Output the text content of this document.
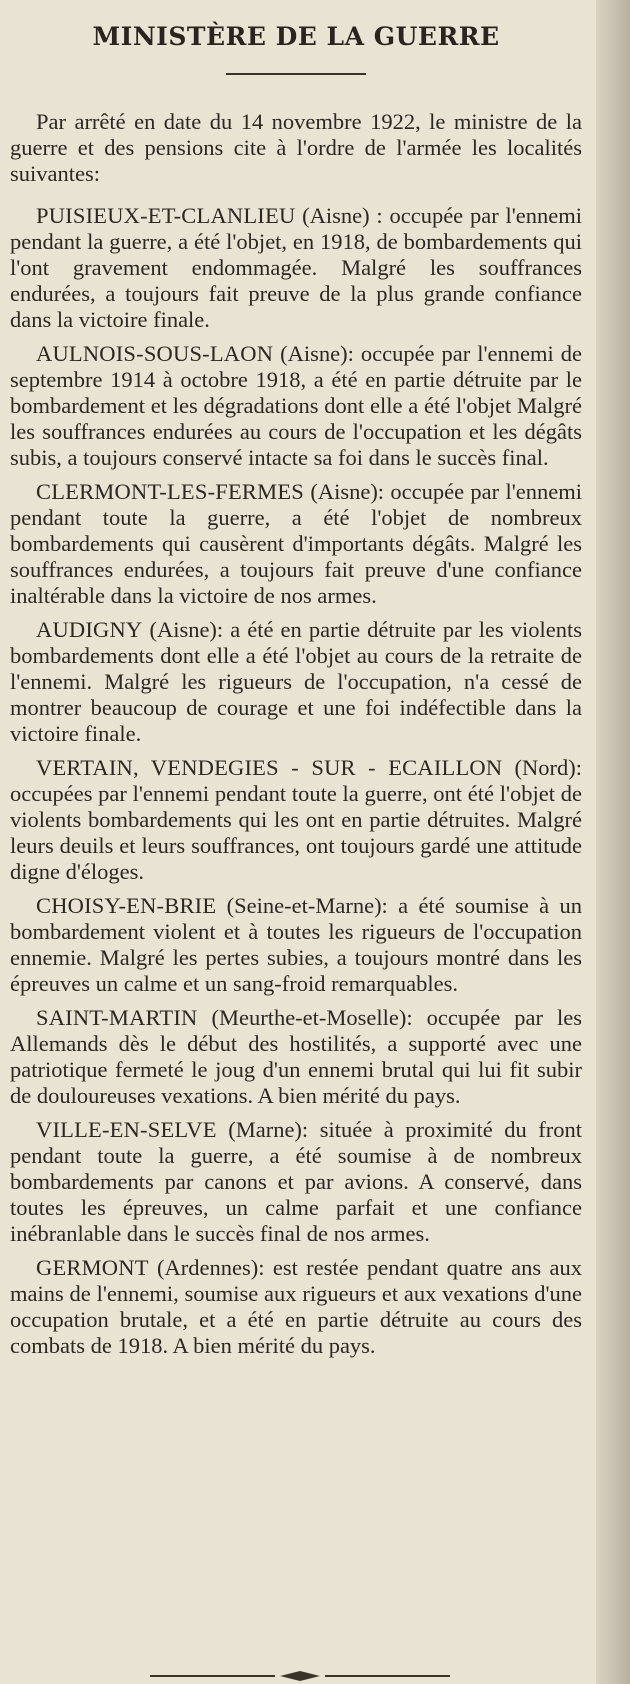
MINISTÈRE DE LA GUERRE

Par arrêté en date du 14 novembre 1922, le ministre de la guerre et des pensions cite à l'ordre de l'armée les localités suivantes:

PUISIEUX-ET-CLANLIEU (Aisne) : occupée par l'ennemi pendant la guerre, a été l'objet, en 1918, de bombardements qui l'ont gravement endommagée. Malgré les souffrances endurées, a toujours fait preuve de la plus grande confiance dans la victoire finale.

AULNOIS-SOUS-LAON (Aisne): occupée par l'ennemi de septembre 1914 à octobre 1918, a été en partie détruite par le bombardement et les dégradations dont elle a été l'objet Malgré les souffrances endurées au cours de l'occupation et les dégâts subis, a toujours conservé intacte sa foi dans le succès final.

CLERMONT-LES-FERMES (Aisne): occupée par l'ennemi pendant toute la guerre, a été l'objet de nombreux bombardements qui causèrent d'importants dégâts. Malgré les souffrances endurées, a toujours fait preuve d'une confiance inaltérable dans la victoire de nos armes.

AUDIGNY (Aisne): a été en partie détruite par les violents bombardements dont elle a été l'objet au cours de la retraite de l'ennemi. Malgré les rigueurs de l'occupation, n'a cessé de montrer beaucoup de courage et une foi indéfectible dans la victoire finale.

VERTAIN, VENDEGIES - SUR - ECAILLON (Nord): occupées par l'ennemi pendant toute la guerre, ont été l'objet de violents bombardements qui les ont en partie détruites. Malgré leurs deuils et leurs souffrances, ont toujours gardé une attitude digne d'éloges.

CHOISY-EN-BRIE (Seine-et-Marne): a été soumise à un bombardement violent et à toutes les rigueurs de l'occupation ennemie. Malgré les pertes subies, a toujours montré dans les épreuves un calme et un sang-froid remarquables.

SAINT-MARTIN (Meurthe-et-Moselle): occupée par les Allemands dès le début des hostilités, a supporté avec une patriotique fermeté le joug d'un ennemi brutal qui lui fit subir de douloureuses vexations. A bien mérité du pays.

VILLE-EN-SELVE (Marne): située à proximité du front pendant toute la guerre, a été soumise à de nombreux bombardements par canons et par avions. A conservé, dans toutes les épreuves, un calme parfait et une confiance inébranlable dans le succès final de nos armes.

GERMONT (Ardennes): est restée pendant quatre ans aux mains de l'ennemi, soumise aux rigueurs et aux vexations d'une occupation brutale, et a été en partie détruite au cours des combats de 1918. A bien mérité du pays.
